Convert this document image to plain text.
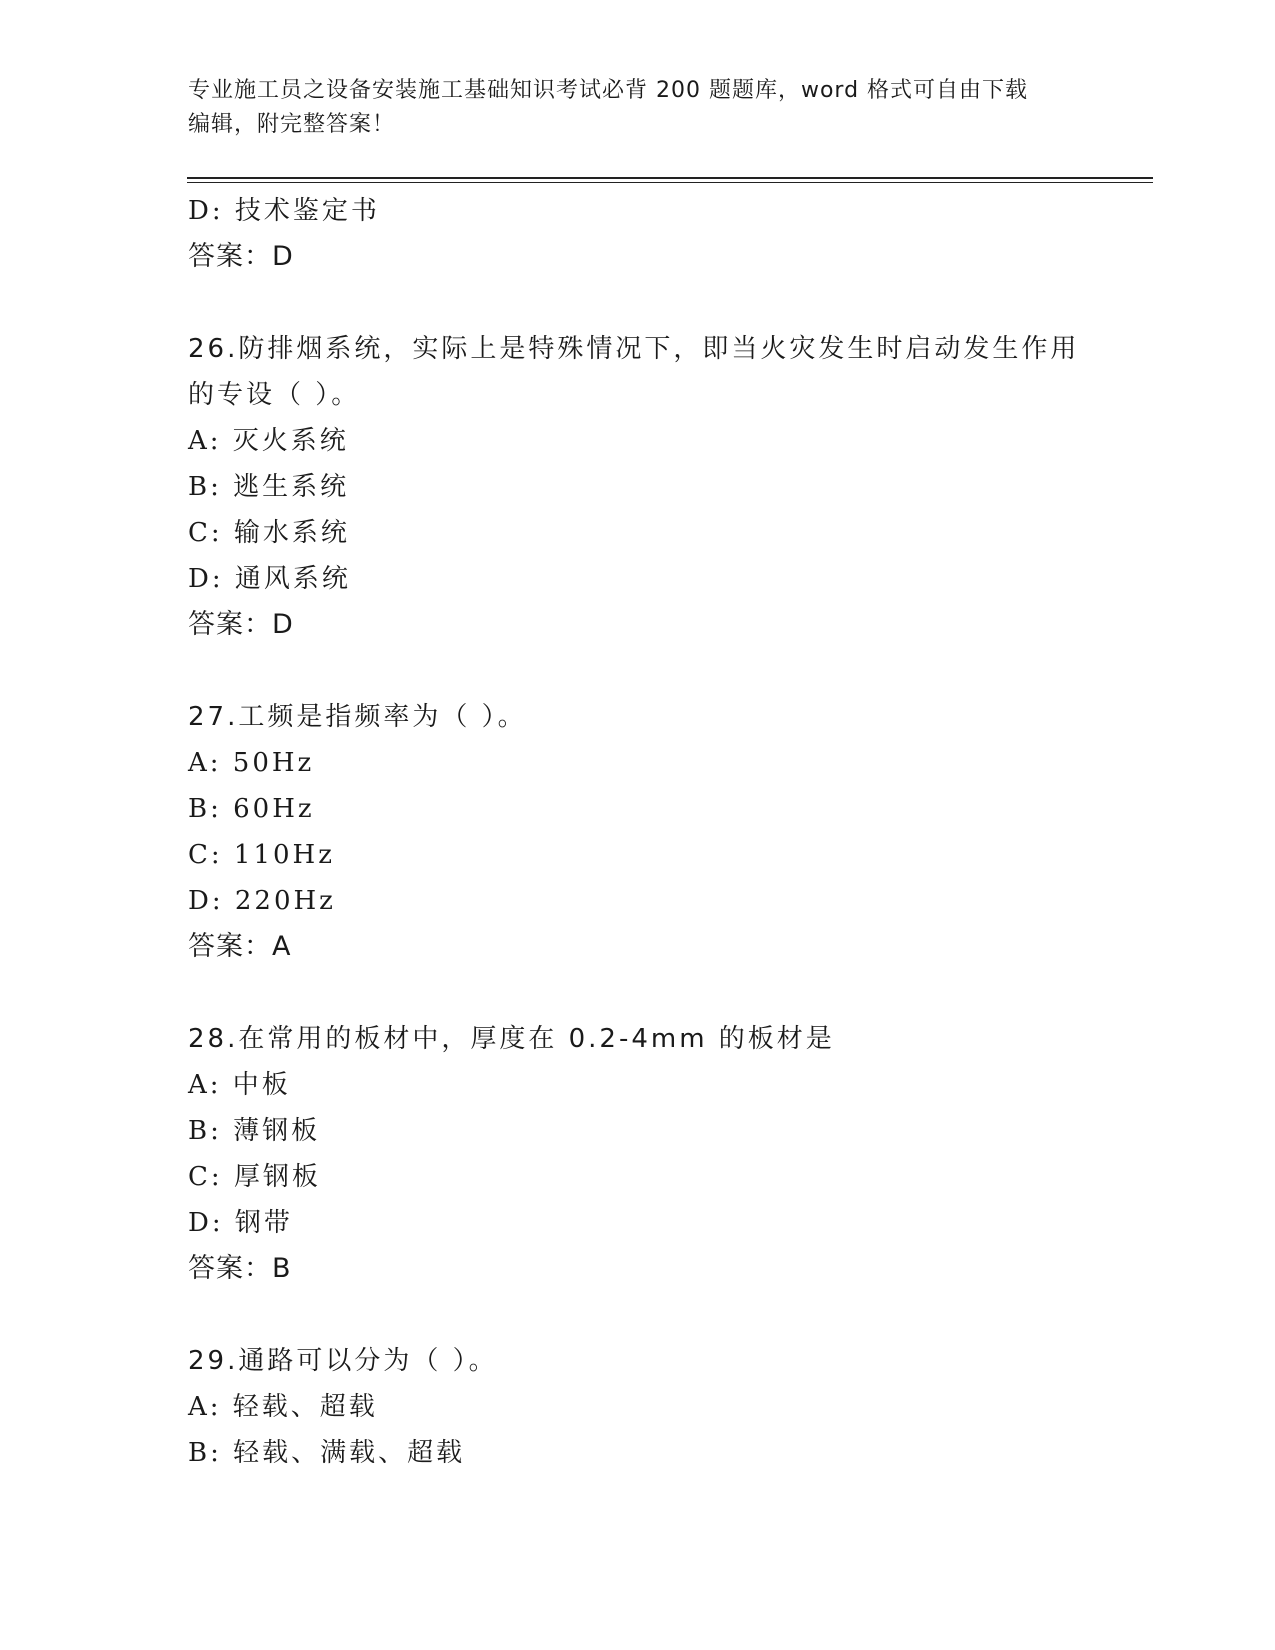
专业施工员之设备安装施工基础知识考试必背 200 题题库，word 格式可自由下载
编辑，附完整答案！
D: 技术鉴定书
答案：D
26.防排烟系统，实际上是特殊情况下，即当火灾发生时启动发生作用
的专设（ ）。
A: 灭火系统
B: 逃生系统
C: 输水系统
D: 通风系统
答案：D
27.工频是指频率为（ ）。
A: 50Hz
B: 60Hz
C: 110Hz
D: 220Hz
答案：A
28.在常用的板材中，厚度在 0.2-4mm 的板材是
A: 中板
B: 薄钢板
C: 厚钢板
D: 钢带
答案：B
29.通路可以分为（ ）。
A: 轻载、超载
B: 轻载、满载、超载
